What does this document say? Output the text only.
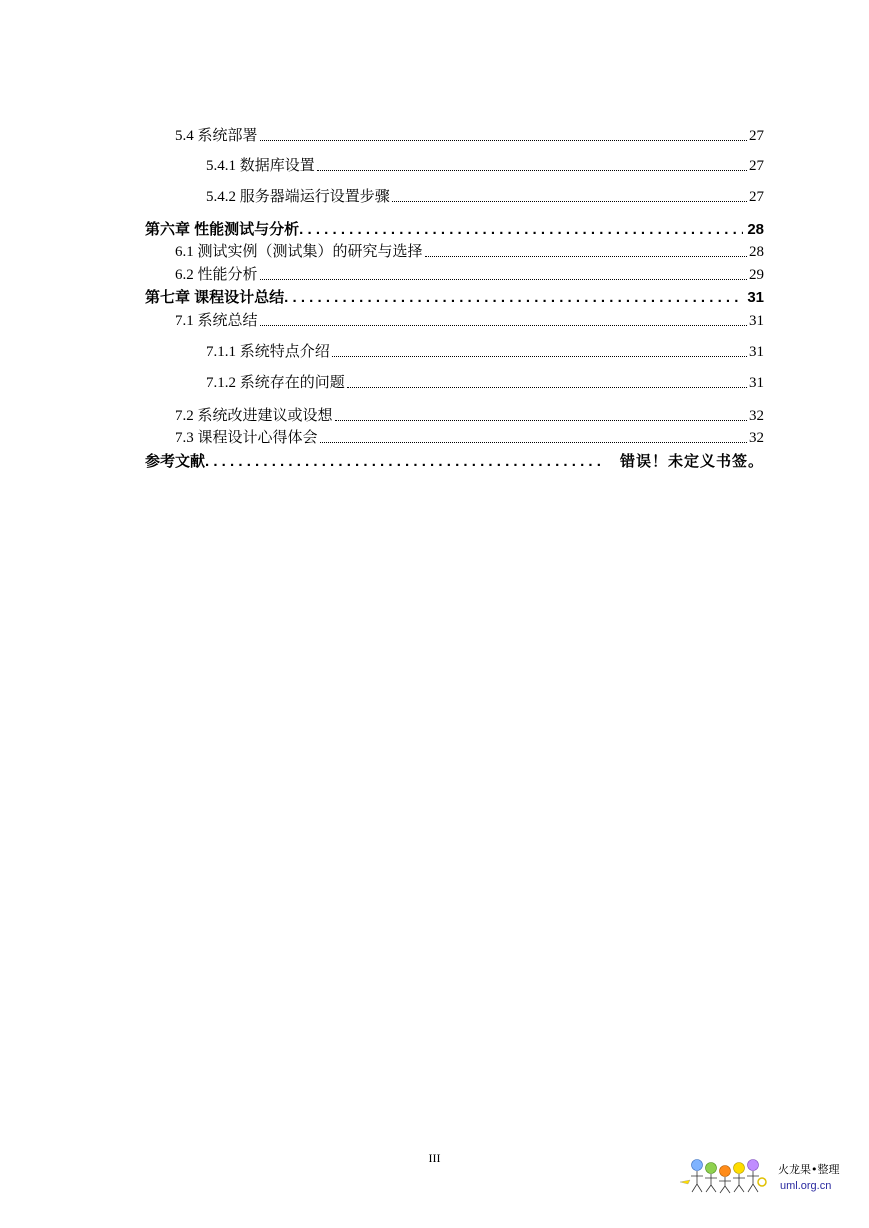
5.4 系统部署	27
5.4.1 数据库设置	27
5.4.2 服务器端运行设置步骤	27
第六章 性能测试与分析 . . .	28
6.1 测试实例（测试集）的研究与选择	28
6.2 性能分析	29
第七章 课程设计总结 . . .	31
7.1 系统总结	31
7.1.1 系统特点介绍	31
7.1.2 系统存在的问题	31
7.2 系统改进建议或设想	32
7.3 课程设计心得体会	32
参考文献 . . .	错误！未定义书签。
III
火龙果•整理
uml.org.cn
